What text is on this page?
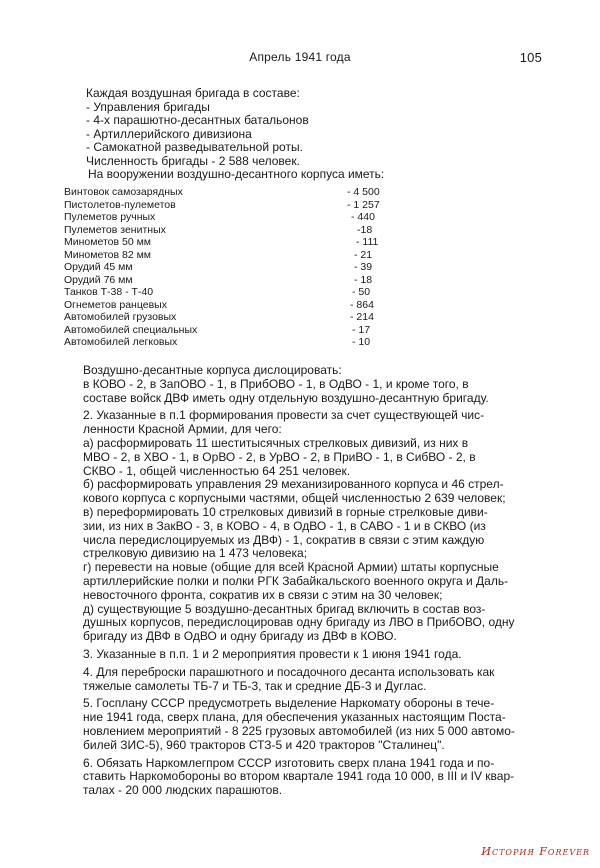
Апрель 1941 года	105
Каждая воздушная бригада в составе:
- Управления бригады
- 4-х парашютно-десантных батальонов
- Артиллерийского дивизиона
- Самокатной разведывательной роты.
Численность бригады - 2 588 человек.
На вооружении воздушно-десантного корпуса иметь:
Винтовок самозарядных	- 4 500
Пистолетов-пулеметов	- 1 257
Пулеметов ручных	- 440
Пулеметов зенитных	-18
Минометов 50 мм	- 111
Минометов 82 мм	- 21
Орудий 45 мм	- 39
Орудий 76 мм	- 18
Танков Т-38 - Т-40	- 50
Огнеметов ранцевых	- 864
Автомобилей грузовых	- 214
Автомобилей специальных	- 17
Автомобилей легковых	- 10
Воздушно-десантные корпуса дислоцировать:
в КОВО - 2, в ЗапОВО - 1, в ПрибОВО - 1, в ОдВО - 1, и кроме того, в
составе войск ДВФ иметь одну отдельную воздушно-десантную бригаду.
2. Указанные в п.1 формирования провести за счет существующей чис-
ленности Красной Армии, для чего:
а) расформировать 11 шеститысячных стрелковых дивизий, из них в
МВО - 2, в ХВО - 1, в ОрВО - 2, в УрВО - 2, в ПриВО - 1, в СибВО - 2, в
СКВО - 1, общей численностью 64 251 человек.
б) расформировать управления 29 механизированного корпуса и 46 стрел-
кового корпуса с корпусными частями, общей численностью 2 639 человек;
в) переформировать 10 стрелковых дивизий в горные стрелковые диви-
зии, из них в ЗакВО - 3, в КОВО - 4, в ОдВО - 1, в САВО - 1 и в СКВО (из
числа передислоцируемых из ДВФ) - 1, сократив в связи с этим каждую
стрелковую дивизию на 1 473 человека;
г) перевести на новые (общие для всей Красной Армии) штаты корпусные
артиллерийские полки и полки РГК Забайкальского военного округа и Даль-
невосточного фронта, сократив их в связи с этим на 30 человек;
д) существующие 5 воздушно-десантных бригад включить в состав воз-
душных корпусов, передислоцировав одну бригаду из ЛВО в ПрибОВО, одну
бригаду из ДВФ в ОдВО и одну бригаду из ДВФ в КОВО.
3. Указанные в п.п. 1 и 2 мероприятия провести к 1 июня 1941 года.
4. Для переброски парашютного и посадочного десанта использовать как
тяжелые самолеты ТБ-7 и ТБ-3, так и средние ДБ-3 и Дуглас.
5. Госплану СССР предусмотреть выделение Наркомату обороны в тече-
ние 1941 года, сверх плана, для обеспечения указанных настоящим Поста-
новлением мероприятий - 8 225 грузовых автомобилей (из них 5 000 автомо-
билей ЗИС-5), 960 тракторов СТЗ-5 и 420 тракторов "Сталинец".
6. Обязать Наркомлегпром СССР изготовить сверх плана 1941 года и по-
ставить Наркомобороны во втором квартале 1941 года 10 000, в III и IV квар-
талах - 20 000 людских парашютов.
История Forever
